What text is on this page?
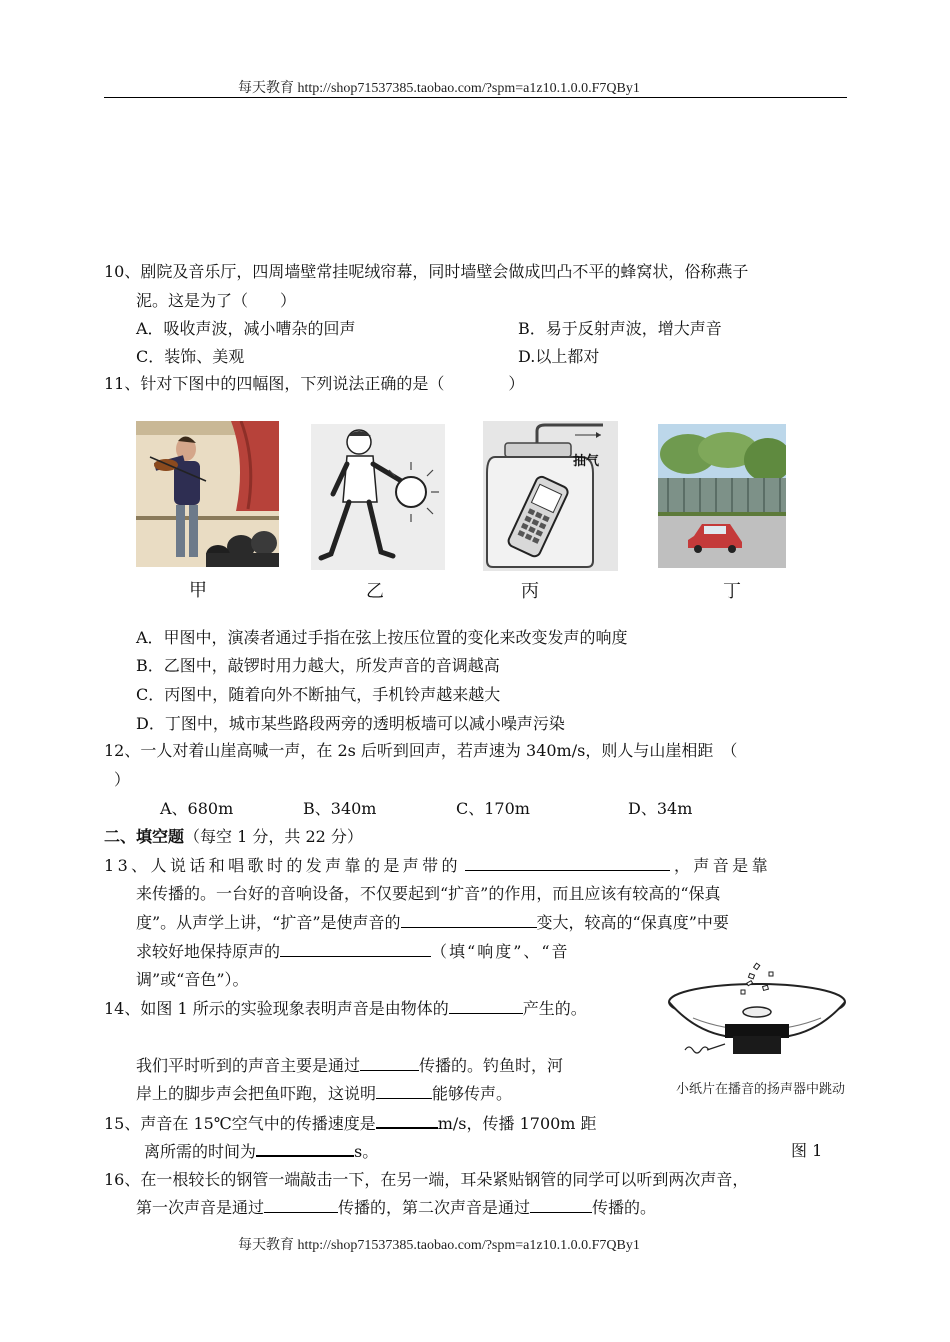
每天教育 http://shop71537385.taobao.com/?spm=a1z10.1.0.0.F7QBy1
10、剧院及音乐厅，四周墙壁常挂呢绒帘幕，同时墙壁会做成凹凸不平的蜂窝状，俗称燕子
泥。这是为了（　　）
A．吸收声波，减小嘈杂的回声	B．易于反射声波，增大声音
C．装饰、美观	D.以上都对
11、针对下图中的四幅图，下列说法正确的是（　　　　）
甲	乙
抽气
丙	丁
A．甲图中，演凑者通过手指在弦上按压位置的变化来改变发声的响度
B．乙图中，敲锣时用力越大，所发声音的音调越高
C．丙图中，随着向外不断抽气，手机铃声越来越大
D．丁图中，城市某些路段两旁的透明板墙可以减小噪声污染
12、一人对着山崖高喊一声，在 2s 后听到回声，若声速为 340m/s，则人与山崖相距　（
）
A、680m	B、340m	C、170m	D、34m
二、填空题（每空 1 分，共 22 分）
13、人说话和唱歌时的发声靠的是声带的	，声音是靠
来传播的。一台好的音响设备，不仅要起到“扩音”的作用，而且应该有较高的“保真
度”。从声学上讲，“扩音”是使声音的	变大，较高的“保真度”中要
求较好地保持原声的	（填“响度”、“音
调”或“音色”）。
小纸片在播音的扬声器中跳动
14、如图 1 所示的实验现象表明声音是由物体的	产生的。
我们平时听到的声音主要是通过	传播的。钓鱼时，河
岸上的脚步声会把鱼吓跑，这说明	能够传声。
15、声音在 15℃空气中的传播速度是	m/s，传播 1700m 距
离所需的时间为	s。	图 1
16、在一根较长的钢管一端敲击一下，在另一端，耳朵紧贴钢管的同学可以听到两次声音，
第一次声音是通过	传播的，第二次声音是通过	传播的。
每天教育 http://shop71537385.taobao.com/?spm=a1z10.1.0.0.F7QBy1
